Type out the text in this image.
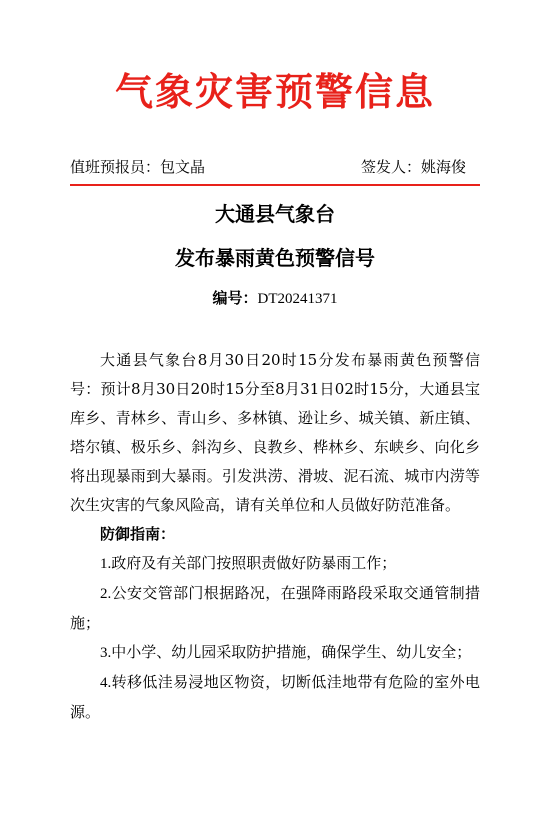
气象灾害预警信息
值班预报员：包文晶	签发人：姚海俊
大通县气象台
发布暴雨黄色预警信号
编号：DT20241371

大通县气象台8月30日20时15分发布暴雨黄色预警信号：预计8月30日20时15分至8月31日02时15分，大通县宝库乡、青林乡、青山乡、多林镇、逊让乡、城关镇、新庄镇、塔尔镇、极乐乡、斜沟乡、良教乡、桦林乡、东峡乡、向化乡将出现暴雨到大暴雨。引发洪涝、滑坡、泥石流、城市内涝等次生灾害的气象风险高，请有关单位和人员做好防范准备。

防御指南：

1.政府及有关部门按照职责做好防暴雨工作；

2.公安交管部门根据路况，在强降雨路段采取交通管制措施；

3.中小学、幼儿园采取防护措施，确保学生、幼儿安全；

4.转移低洼易浸地区物资，切断低洼地带有危险的室外电源。
